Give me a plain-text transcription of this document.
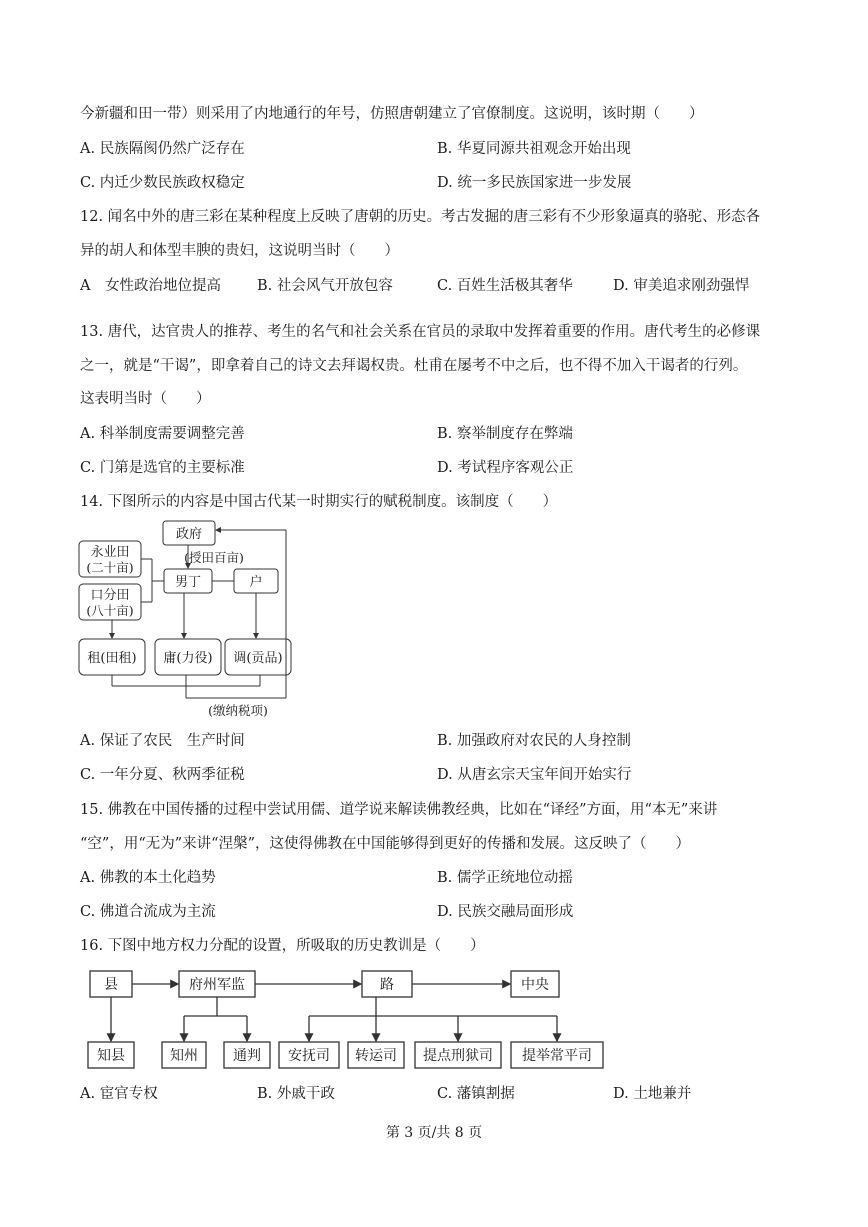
今新疆和田一带）则采用了内地通行的年号，仿照唐朝建立了官僚制度。这说明，该时期（　　）
A. 民族隔阂仍然广泛存在	B. 华夏同源共祖观念开始出现
C. 内迁少数民族政权稳定	D. 统一多民族国家进一步发展
12. 闻名中外的唐三彩在某种程度上反映了唐朝的历史。考古发掘的唐三彩有不少形象逼真的骆驼、形态各
异的胡人和体型丰腴的贵妇，这说明当时（　　）
A　女性政治地位提高 B. 社会风气开放包容	C. 百姓生活极其奢华	D. 审美追求刚劲强悍
13. 唐代，达官贵人的推荐、考生的名气和社会关系在官员的录取中发挥着重要的作用。唐代考生的必修课
之一，就是“干谒”，即拿着自己的诗文去拜谒权贵。杜甫在屡考不中之后，也不得不加入干谒者的行列。
这表明当时（　　）
A. 科举制度需要调整完善	B. 察举制度存在弊端
C. 门第是选官的主要标准	D. 考试程序客观公正
14. 下图所示的内容是中国古代某一时期实行的赋税制度。该制度（　　）
政府
(授田百亩)
永业田
(二十亩)
口分田
(八十亩)
男丁	户
租(田租) 庸(力役) 调(贡品)
(缴纳税项)
A. 保证了农民　生产时间	B. 加强政府对农民的人身控制
C. 一年分夏、秋两季征税	D. 从唐玄宗天宝年间开始实行
15. 佛教在中国传播的过程中尝试用儒、道学说来解读佛教经典，比如在“译经”方面，用“本无”来讲
“空”，用“无为”来讲“涅槃”，这使得佛教在中国能够得到更好的传播和发展。这反映了（　　）
A. 佛教的本土化趋势	B. 儒学正统地位动摇
C. 佛道合流成为主流	D. 民族交融局面形成
16. 下图中地方权力分配的设置，所吸取的历史教训是（　　）
县	府州军监	路	中央
知县	知州	通判 安抚司 转运司 提点刑狱司 提举常平司
A. 宦官专权	B. 外戚干政	C. 藩镇割据	D. 土地兼并
第 3 页/共 8 页
